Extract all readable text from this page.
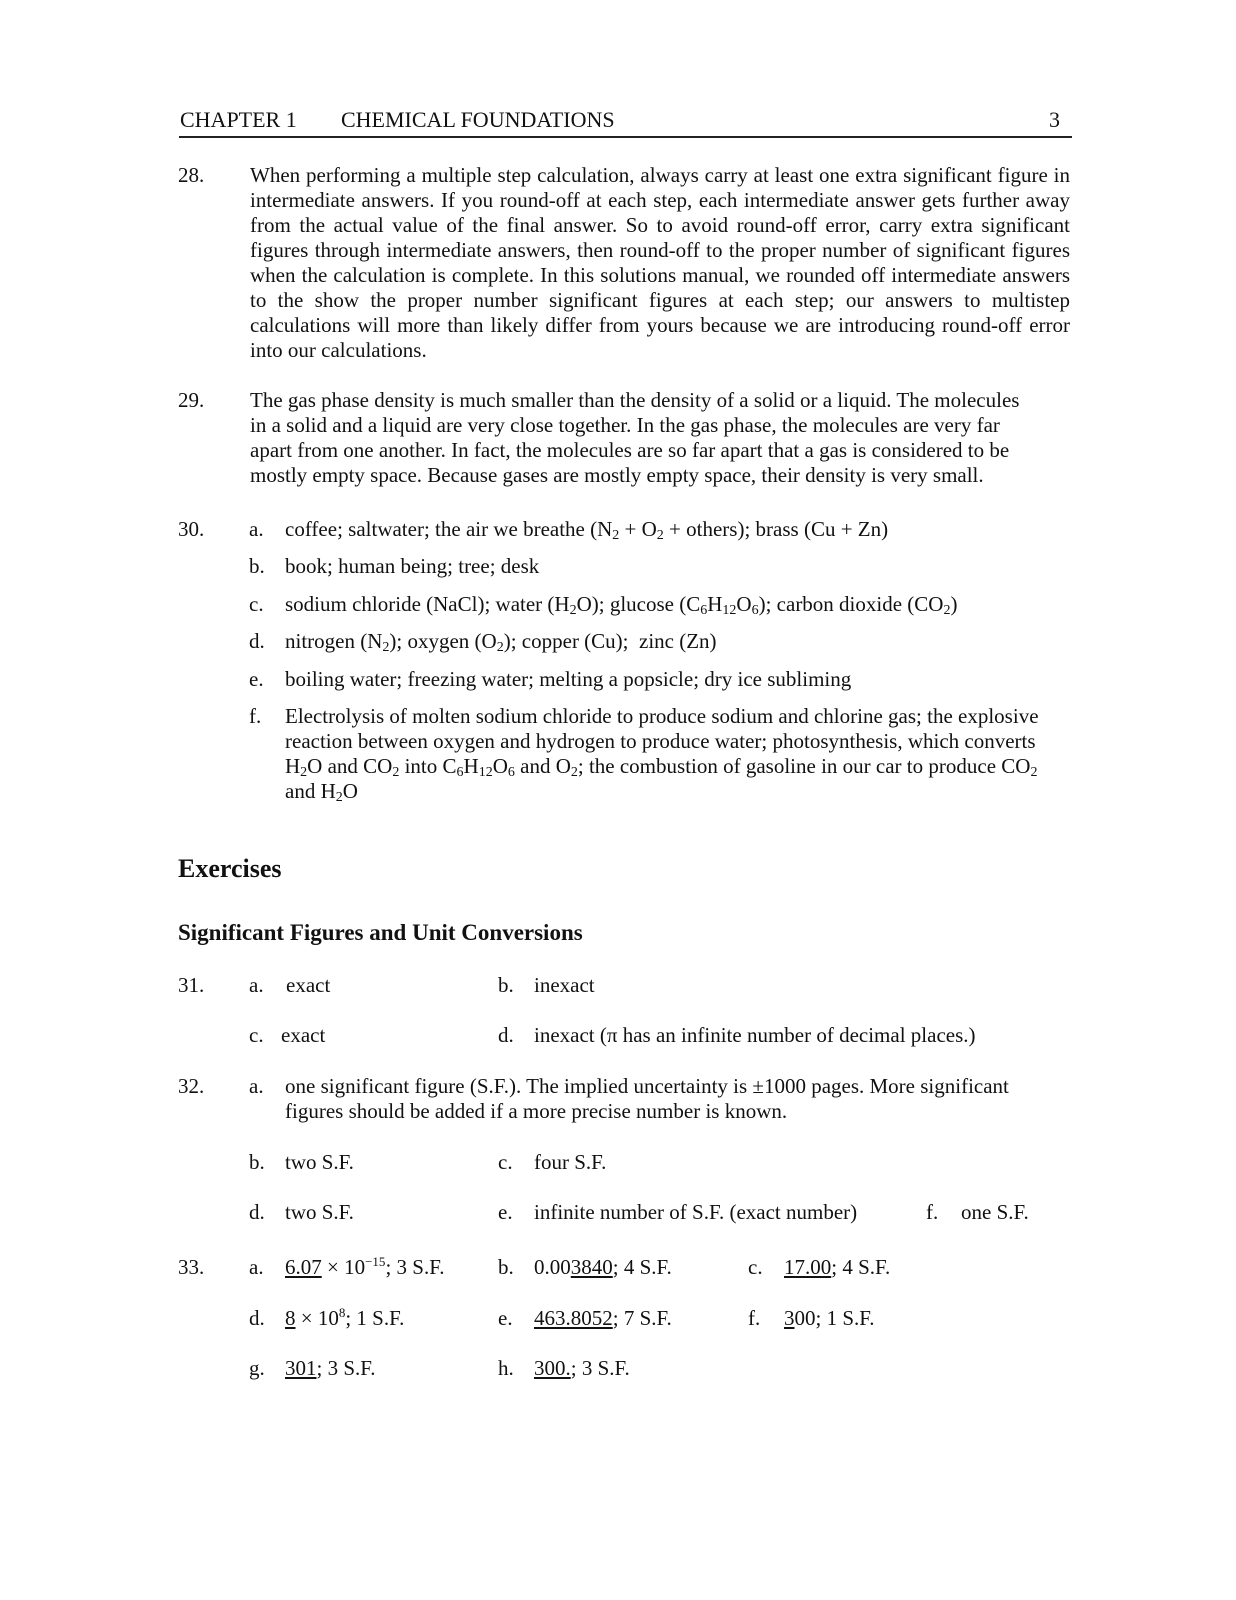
CHAPTER 1 CHEMICAL FOUNDATIONS	3
28. When performing a multiple step calculation, always carry at least one extra significant figure in intermediate answers. If you round-off at each step, each intermediate answer gets further away from the actual value of the final answer. So to avoid round-off error, carry extra significant figures through intermediate answers, then round-off to the proper number of significant figures when the calculation is complete. In this solutions manual, we rounded off intermediate answers to the show the proper number significant figures at each step; our answers to multistep calculations will more than likely differ from yours because we are introducing round-off error into our calculations.
29. The gas phase density is much smaller than the density of a solid or a liquid. The molecules
in a solid and a liquid are very close together. In the gas phase, the molecules are very far
apart from one another. In fact, the molecules are so far apart that a gas is considered to be
mostly empty space. Because gases are mostly empty space, their density is very small.
30. a. coffee; saltwater; the air we breathe ($N_2 + O_2$ + others); brass (Cu + Zn)
b. book; human being; tree; desk
c. sodium chloride (NaCl); water $(H_2O)$; glucose $(C_6H_{12}O_6)$; carbon dioxide $(CO_2)$
d. nitrogen $(N_2)$; oxygen $(O_2)$; copper (Cu);  zinc (Zn)
e. boiling water; freezing water; melting a popsicle; dry ice subliming
f. Electrolysis of molten sodium chloride to produce sodium and chlorine gas; the explosive
reaction between oxygen and hydrogen to produce water; photosynthesis, which converts
$H_2O$ and $CO_2$ into $C_6H_{12}O_6$ and $O_2$; the combustion of gasoline in our car to produce $CO_2$
and $H_2O$
Exercises
Significant Figures and Unit Conversions
31. a. exact	b. inexact
c. exact	d. inexact (π has an infinite number of decimal places.)
32. a. one significant figure (S.F.). The implied uncertainty is ±1000 pages. More significant
figures should be added if a more precise number is known.
b. two S.F.	c. four S.F.
d. two S.F.	e. infinite number of S.F. (exact number)	f. one S.F.
33. a. $6.07 \times 10^{-15}$; 3 S.F.	b. 0.003840; 4 S.F.	c. 17.00; 4 S.F.
d. $8 \times 10^8$; 1 S.F.	e. 463.8052; 7 S.F.	f. 300; 1 S.F.
g. 301; 3 S.F.	h. 300.; 3 S.F.
